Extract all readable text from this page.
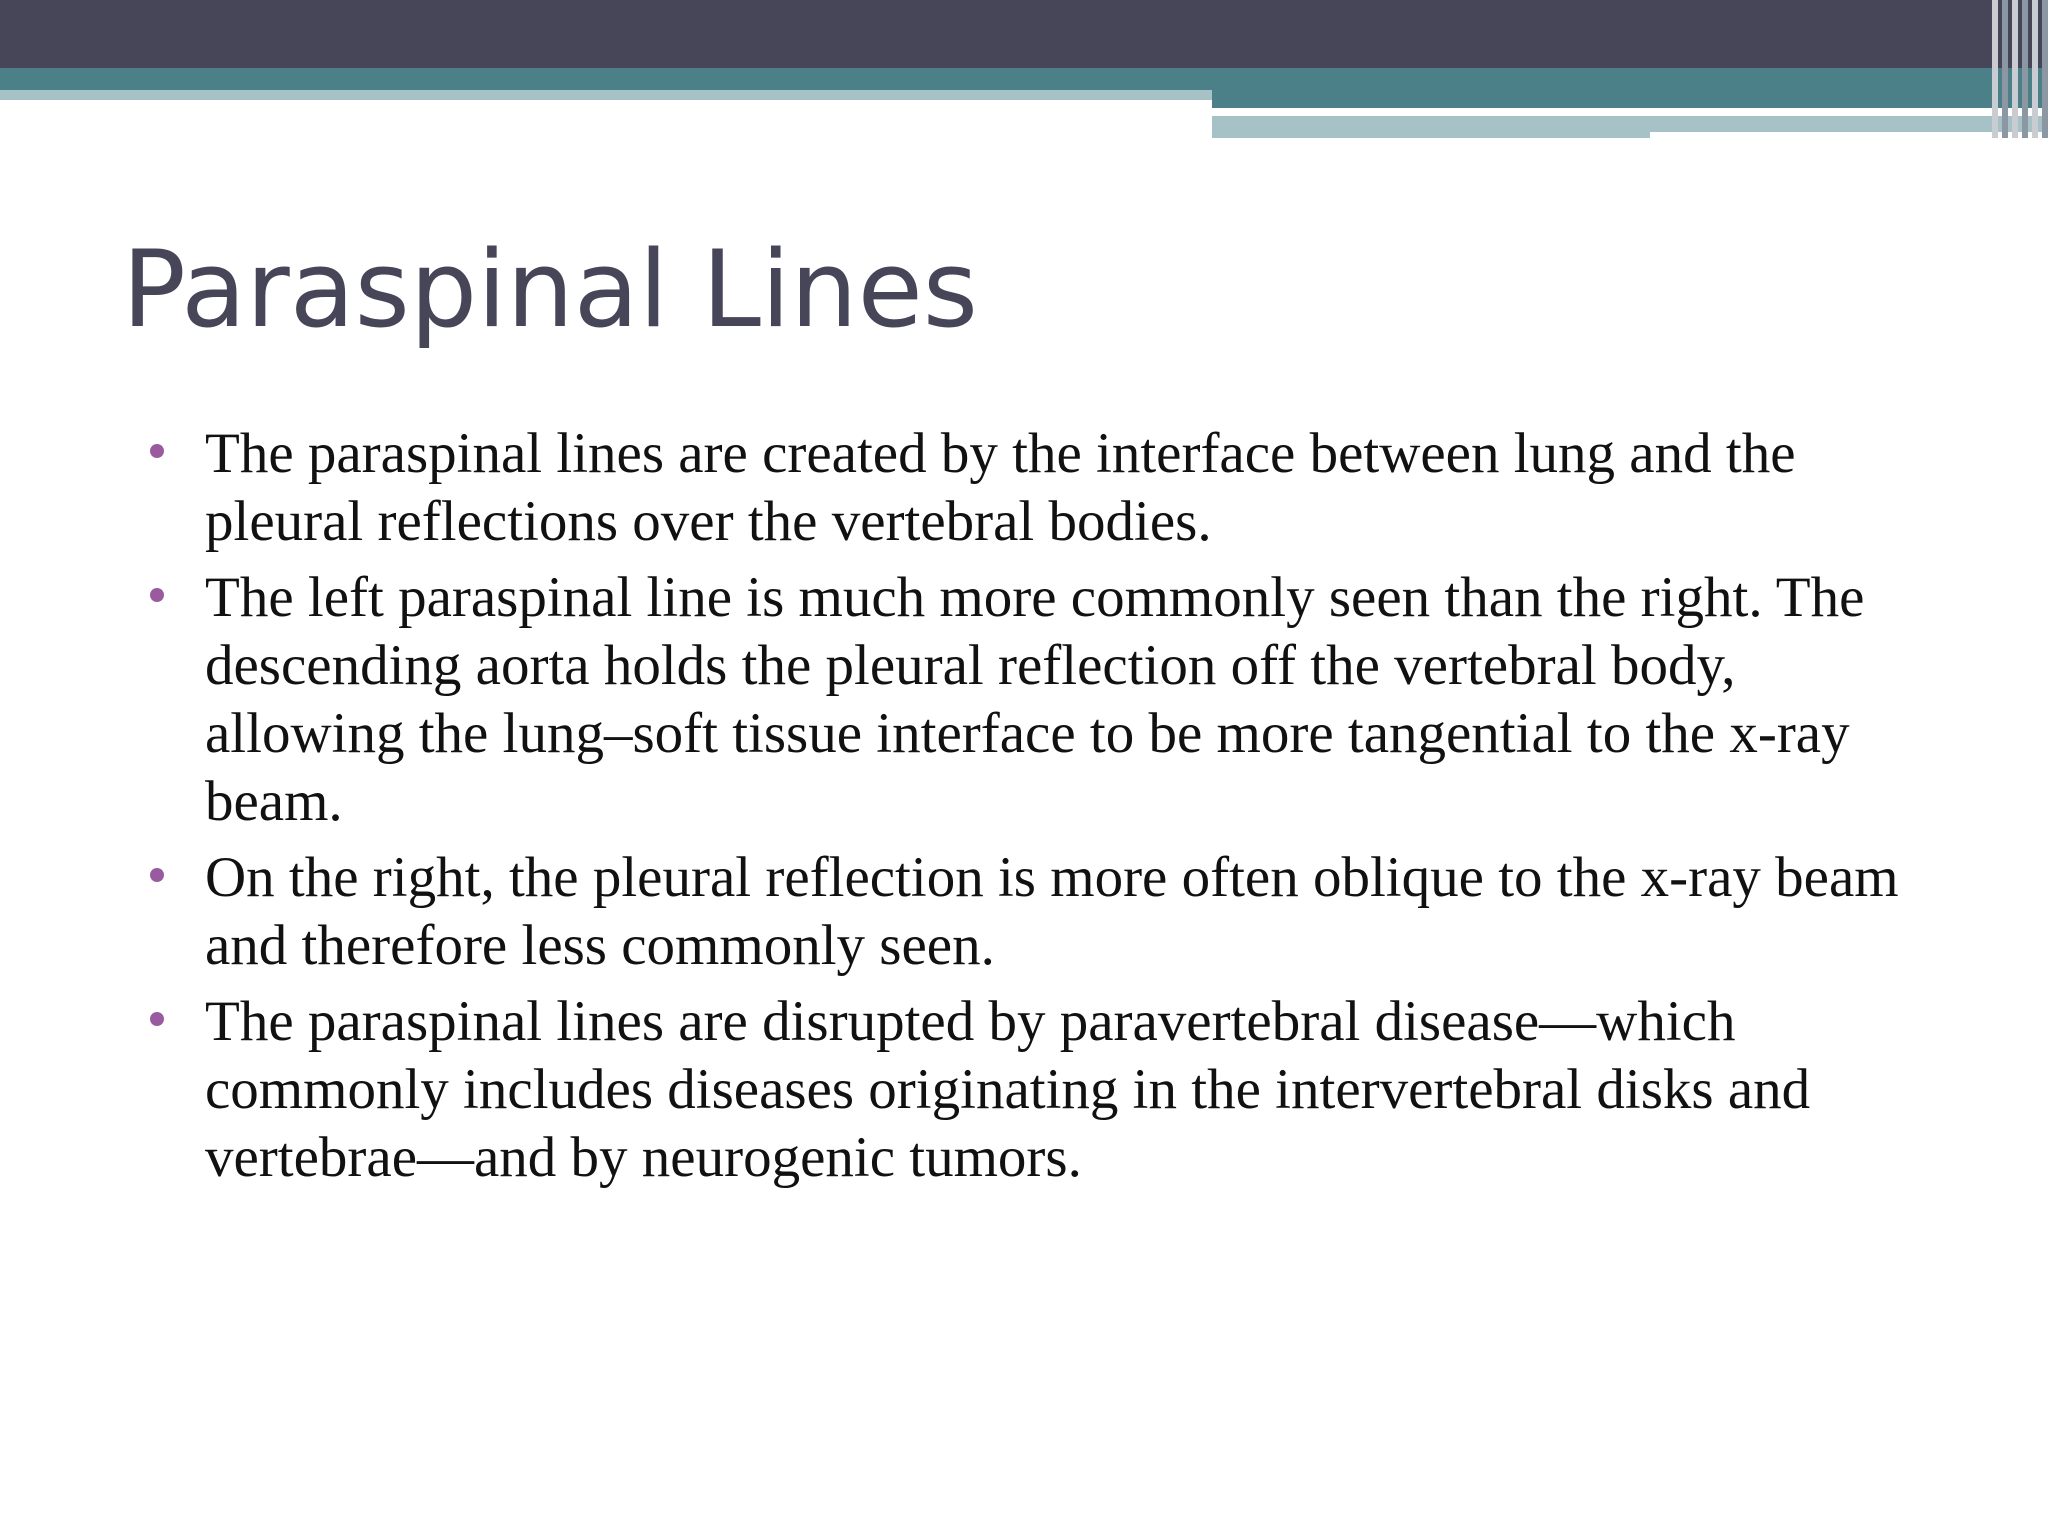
Paraspinal Lines
The paraspinal lines are created by the interface between lung and the pleural reflections over the vertebral bodies.
The left paraspinal line is much more commonly seen than the right. The descending aorta holds the pleural reflection off the vertebral body, allowing the lung–soft tissue interface to be more tangential to the x-ray beam.
On the right, the pleural reflection is more often oblique to the x-ray beam and therefore less commonly seen.
The paraspinal lines are disrupted by paravertebral disease—which commonly includes diseases originating in the intervertebral disks and vertebrae—and by neurogenic tumors.
